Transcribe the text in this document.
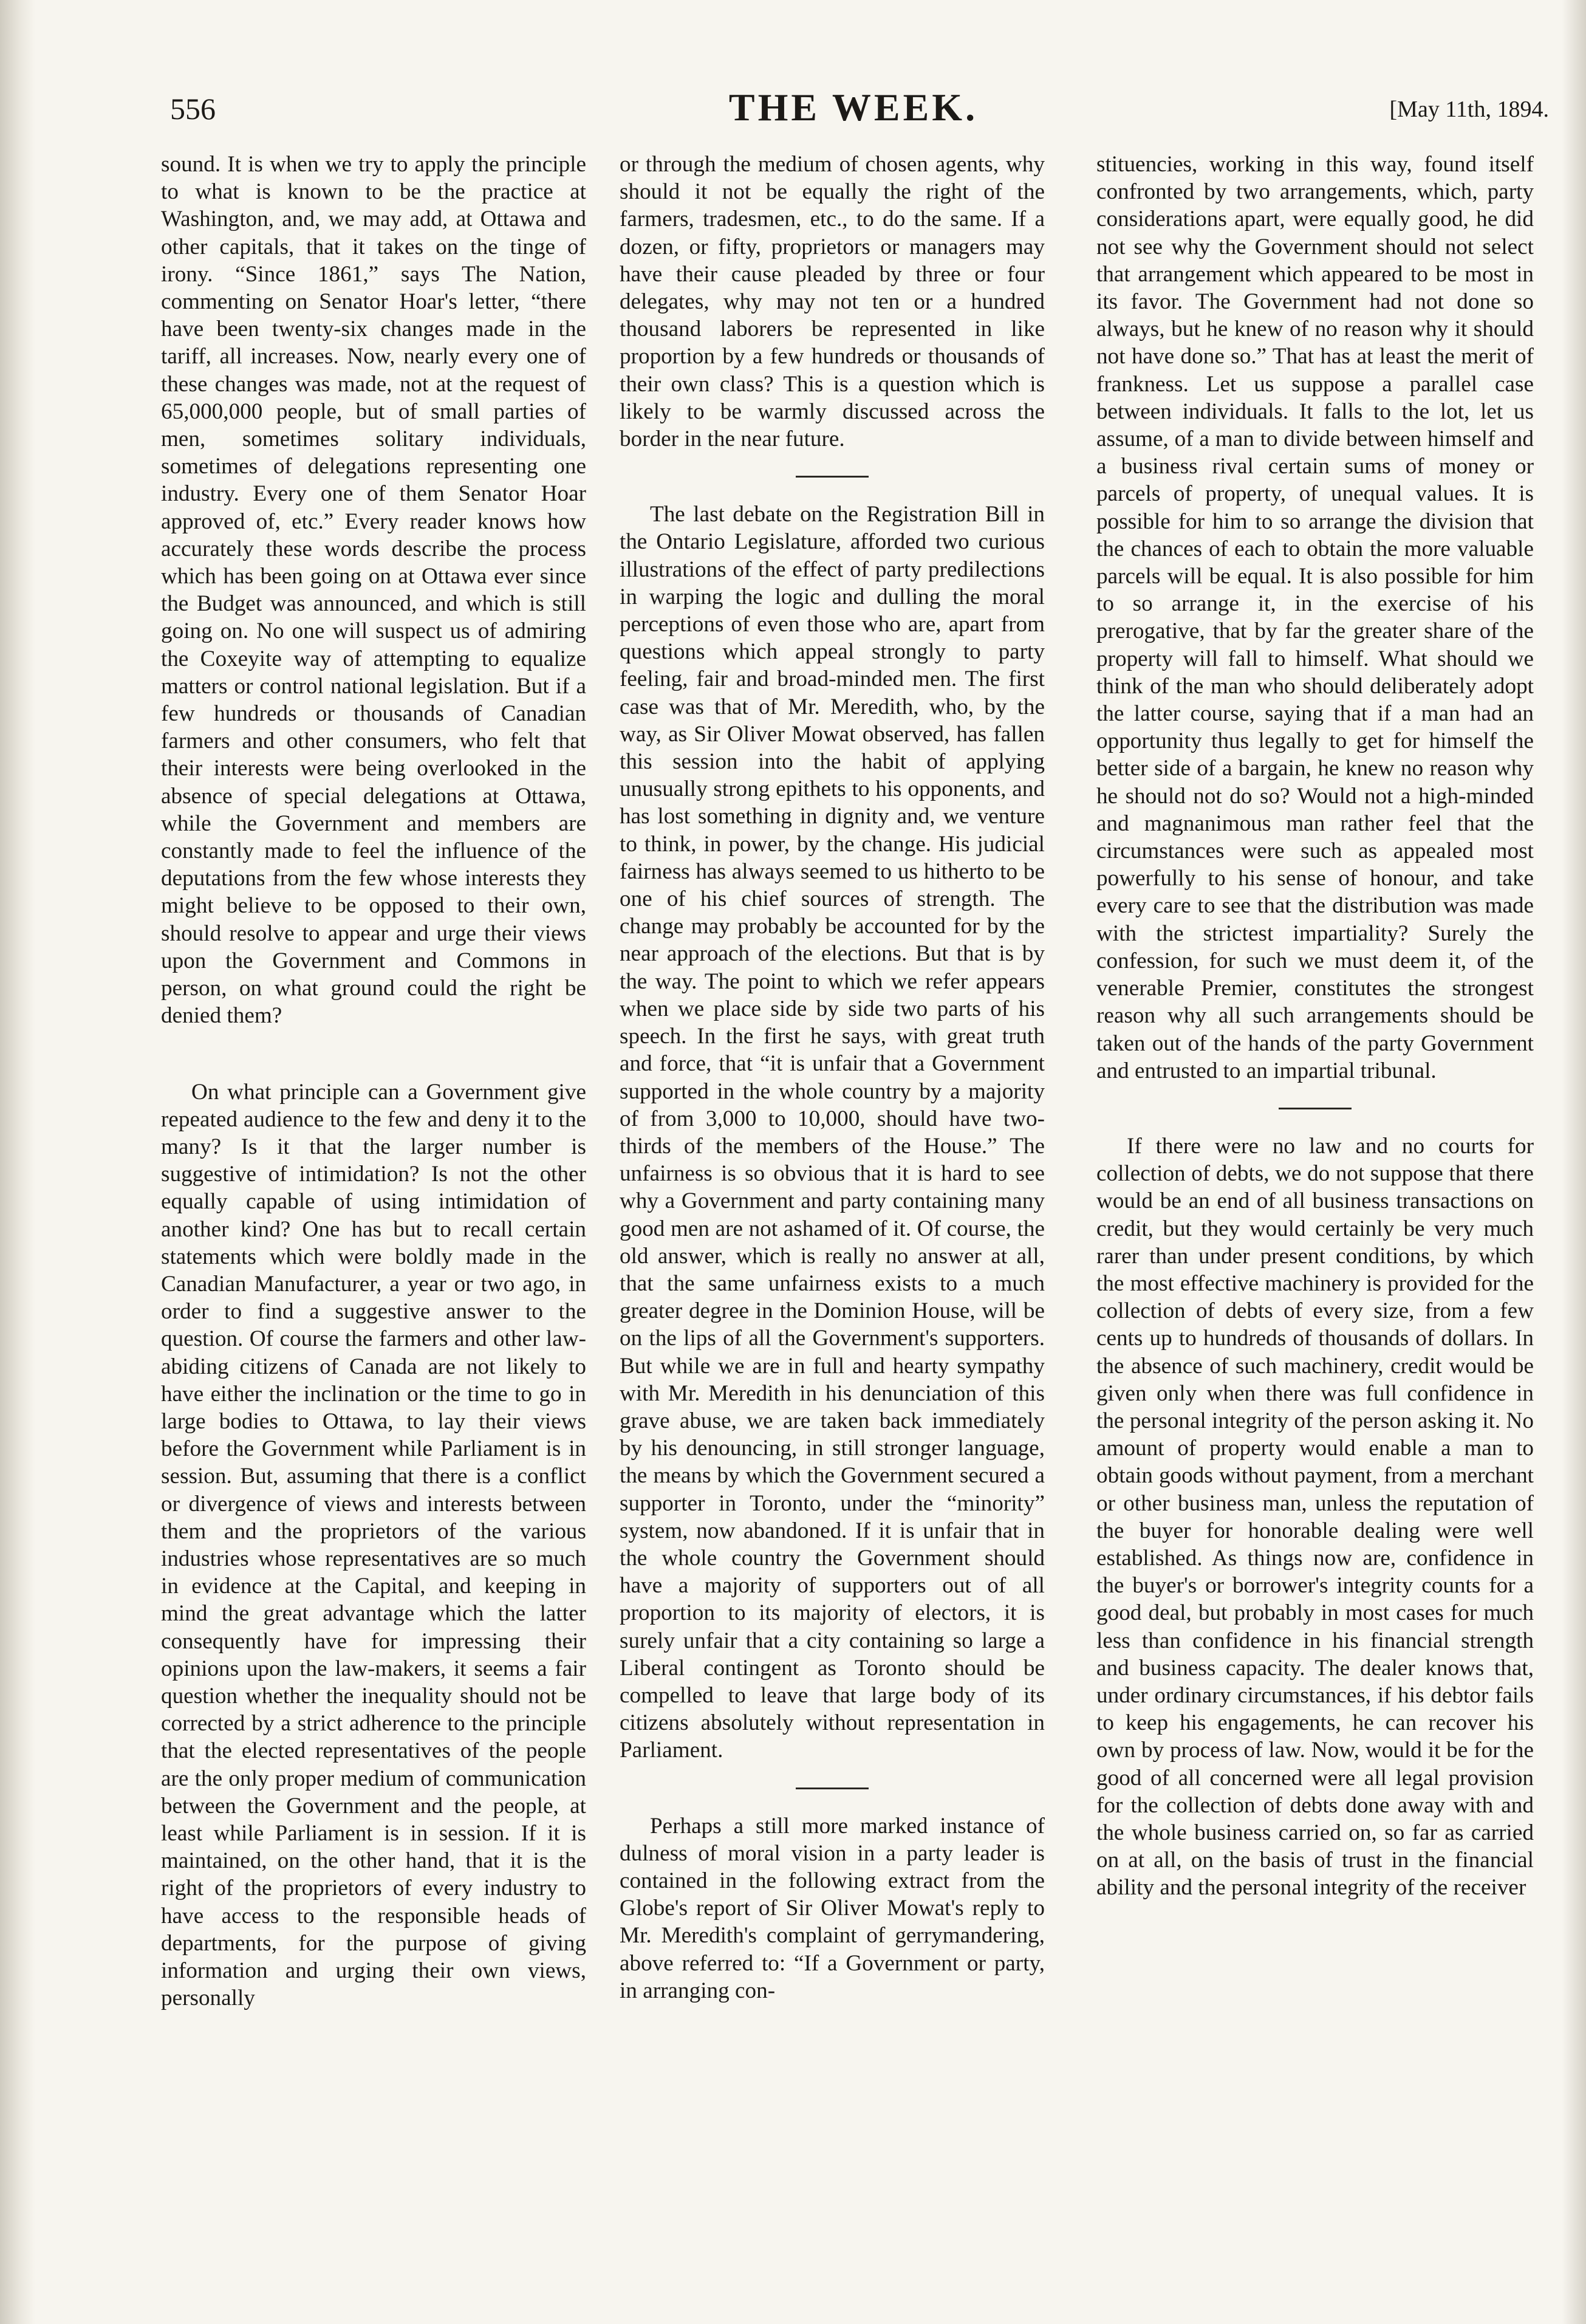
556	THE WEEK.	[May 11th, 1894.

sound. It is when we try to apply the principle to what is known to be the practice at Washington, and, we may add, at Ottawa and other capitals, that it takes on the tinge of irony. “Since 1861,” says The Nation, commenting on Senator Hoar's letter, “there have been twenty-six changes made in the tariff, all increases. Now, nearly every one of these changes was made, not at the request of 65,000,000 people, but of small parties of men, sometimes solitary individuals, sometimes of delegations representing one industry. Every one of them Senator Hoar approved of, etc.” Every reader knows how accurately these words describe the process which has been going on at Ottawa ever since the Budget was announced, and which is still going on. No one will suspect us of admiring the Coxeyite way of attempting to equalize matters or control national legislation. But if a few hundreds or thousands of Canadian farmers and other consumers, who felt that their interests were being overlooked in the absence of special delegations at Ottawa, while the Government and members are constantly made to feel the influence of the deputations from the few whose interests they might believe to be opposed to their own, should resolve to appear and urge their views upon the Government and Commons in person, on what ground could the right be denied them?

On what principle can a Government give repeated audience to the few and deny it to the many? Is it that the larger number is suggestive of intimidation? Is not the other equally capable of using intimidation of another kind? One has but to recall certain statements which were boldly made in the Canadian Manufacturer, a year or two ago, in order to find a suggestive answer to the question. Of course the farmers and other law-abiding citizens of Canada are not likely to have either the inclination or the time to go in large bodies to Ottawa, to lay their views before the Government while Parliament is in session. But, assuming that there is a conflict or divergence of views and interests between them and the proprietors of the various industries whose representatives are so much in evidence at the Capital, and keeping in mind the great advantage which the latter consequently have for impressing their opinions upon the law-makers, it seems a fair question whether the inequality should not be corrected by a strict adherence to the principle that the elected representatives of the people are the only proper medium of communication between the Government and the people, at least while Parliament is in session. If it is maintained, on the other hand, that it is the right of the proprietors of every industry to have access to the responsible heads of departments, for the purpose of giving information and urging their own views, personally

or through the medium of chosen agents, why should it not be equally the right of the farmers, tradesmen, etc., to do the same. If a dozen, or fifty, proprietors or managers may have their cause pleaded by three or four delegates, why may not ten or a hundred thousand laborers be represented in like proportion by a few hundreds or thousands of their own class? This is a question which is likely to be warmly discussed across the border in the near future.

The last debate on the Registration Bill in the Ontario Legislature, afforded two curious illustrations of the effect of party predilections in warping the logic and dulling the moral perceptions of even those who are, apart from questions which appeal strongly to party feeling, fair and broad-minded men. The first case was that of Mr. Meredith, who, by the way, as Sir Oliver Mowat observed, has fallen this session into the habit of applying unusually strong epithets to his opponents, and has lost something in dignity and, we venture to think, in power, by the change. His judicial fairness has always seemed to us hitherto to be one of his chief sources of strength. The change may probably be accounted for by the near approach of the elections. But that is by the way. The point to which we refer appears when we place side by side two parts of his speech. In the first he says, with great truth and force, that “it is unfair that a Government supported in the whole country by a majority of from 3,000 to 10,000, should have two-thirds of the members of the House.” The unfairness is so obvious that it is hard to see why a Government and party containing many good men are not ashamed of it. Of course, the old answer, which is really no answer at all, that the same unfairness exists to a much greater degree in the Dominion House, will be on the lips of all the Government's supporters. But while we are in full and hearty sympathy with Mr. Meredith in his denunciation of this grave abuse, we are taken back immediately by his denouncing, in still stronger language, the means by which the Government secured a supporter in Toronto, under the “minority” system, now abandoned. If it is unfair that in the whole country the Government should have a majority of supporters out of all proportion to its majority of electors, it is surely unfair that a city containing so large a Liberal contingent as Toronto should be compelled to leave that large body of its citizens absolutely without representation in Parliament.

Perhaps a still more marked instance of dulness of moral vision in a party leader is contained in the following extract from the Globe's report of Sir Oliver Mowat's reply to Mr. Meredith's complaint of gerrymandering, above referred to: “If a Government or party, in arranging con-

stituencies, working in this way, found itself confronted by two arrangements, which, party considerations apart, were equally good, he did not see why the Government should not select that arrangement which appeared to be most in its favor. The Government had not done so always, but he knew of no reason why it should not have done so.” That has at least the merit of frankness. Let us suppose a parallel case between individuals. It falls to the lot, let us assume, of a man to divide between himself and a business rival certain sums of money or parcels of property, of unequal values. It is possible for him to so arrange the division that the chances of each to obtain the more valuable parcels will be equal. It is also possible for him to so arrange it, in the exercise of his prerogative, that by far the greater share of the property will fall to himself. What should we think of the man who should deliberately adopt the latter course, saying that if a man had an opportunity thus legally to get for himself the better side of a bargain, he knew no reason why he should not do so? Would not a high-minded and magnanimous man rather feel that the circumstances were such as appealed most powerfully to his sense of honour, and take every care to see that the distribution was made with the strictest impartiality? Surely the confession, for such we must deem it, of the venerable Premier, constitutes the strongest reason why all such arrangements should be taken out of the hands of the party Government and entrusted to an impartial tribunal.

If there were no law and no courts for collection of debts, we do not suppose that there would be an end of all business transactions on credit, but they would certainly be very much rarer than under present conditions, by which the most effective machinery is provided for the collection of debts of every size, from a few cents up to hundreds of thousands of dollars. In the absence of such machinery, credit would be given only when there was full confidence in the personal integrity of the person asking it. No amount of property would enable a man to obtain goods without payment, from a merchant or other business man, unless the reputation of the buyer for honorable dealing were well established. As things now are, confidence in the buyer's or borrower's integrity counts for a good deal, but probably in most cases for much less than confidence in his financial strength and business capacity. The dealer knows that, under ordinary circumstances, if his debtor fails to keep his engagements, he can recover his own by process of law. Now, would it be for the good of all concerned were all legal provision for the collection of debts done away with and the whole business carried on, so far as carried on at all, on the basis of trust in the financial ability and the personal integrity of the receiver
